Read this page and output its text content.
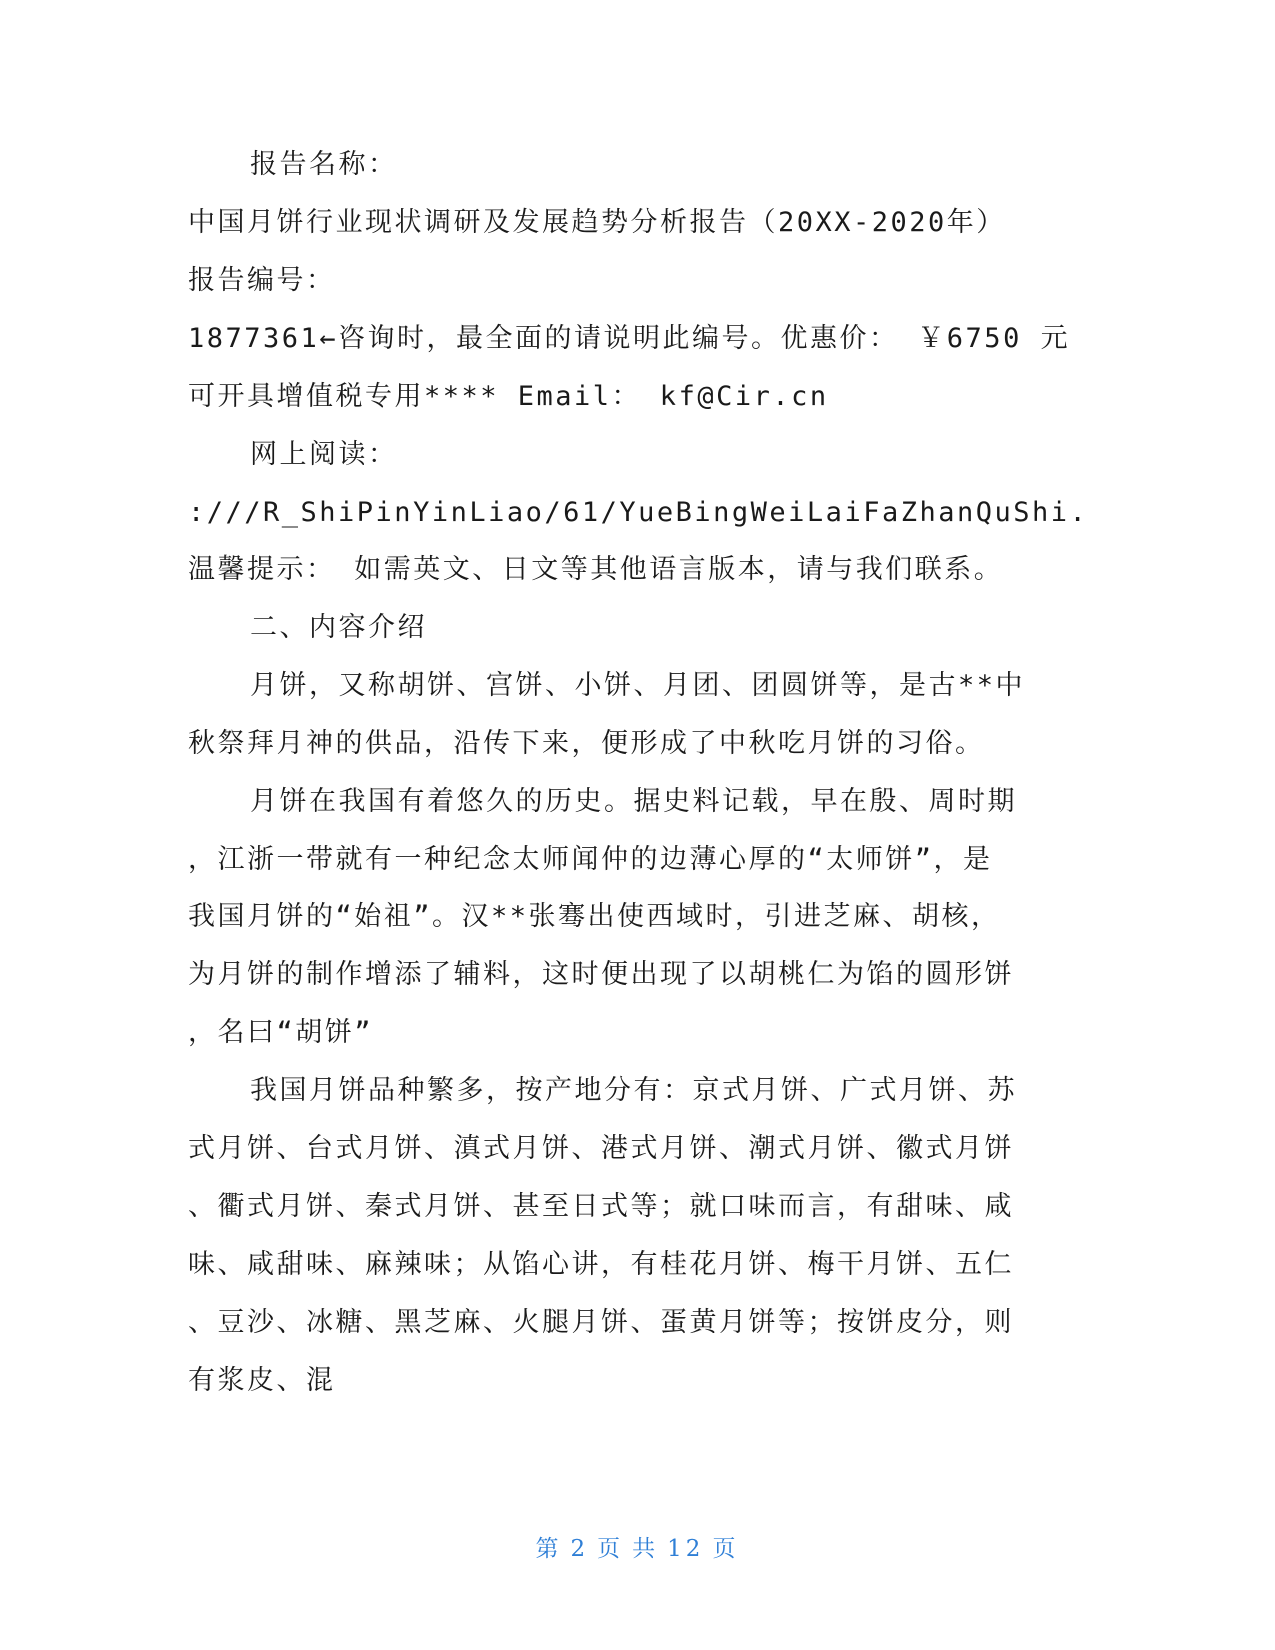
报告名称：
中国月饼行业现状调研及发展趋势分析报告（20XX-2020年）
报告编号：
1877361←咨询时，最全面的请说明此编号。优惠价： ￥6750 元
可开具增值税专用**** Email： kf@Cir.cn
网上阅读：
:///R_ShiPinYinLiao/61/YueBingWeiLaiFaZhanQuShi.
温馨提示： 如需英文、日文等其他语言版本，请与我们联系。
二、内容介绍
月饼，又称胡饼、宫饼、小饼、月团、团圆饼等，是古**中
秋祭拜月神的供品，沿传下来，便形成了中秋吃月饼的习俗。
月饼在我国有着悠久的历史。据史料记载，早在殷、周时期
，江浙一带就有一种纪念太师闻仲的边薄心厚的“太师饼”，是
我国月饼的“始祖”。汉**张骞出使西域时，引进芝麻、胡核，
为月饼的制作增添了辅料，这时便出现了以胡桃仁为馅的圆形饼
，名曰“胡饼”
我国月饼品种繁多，按产地分有：京式月饼、广式月饼、苏
式月饼、台式月饼、滇式月饼、港式月饼、潮式月饼、徽式月饼
、衢式月饼、秦式月饼、甚至日式等；就口味而言，有甜味、咸
味、咸甜味、麻辣味；从馅心讲，有桂花月饼、梅干月饼、五仁
、豆沙、冰糖、黑芝麻、火腿月饼、蛋黄月饼等；按饼皮分，则
有浆皮、混
第 2 页 共 12 页
